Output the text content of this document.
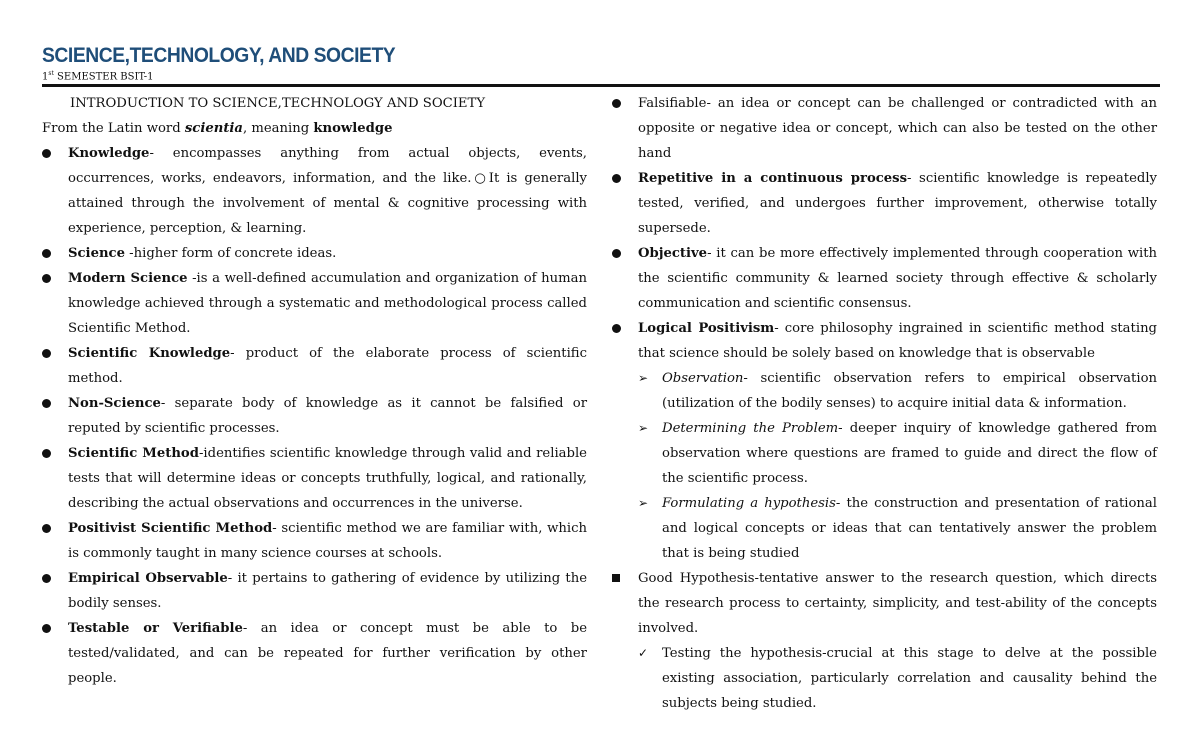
SCIENCE,TECHNOLOGY, AND SOCIETY
1st SEMESTER BSIT-1
INTRODUCTION TO SCIENCE,TECHNOLOGY AND SOCIETY
From the Latin word scientia, meaning knowledge
Knowledge- encompasses anything from actual objects, events, occurrences, works, endeavors, information, and the like.○It is generally attained through the involvement of mental & cognitive processing with experience, perception, & learning.
Science -higher form of concrete ideas.
Modern Science -is a well-defined accumulation and organization of human knowledge achieved through a systematic and methodological process called Scientific Method.
Scientific Knowledge- product of the elaborate process of scientific method.
Non-Science- separate body of knowledge as it cannot be falsified or reputed by scientific processes.
Scientific Method-identifies scientific knowledge through valid and reliable tests that will determine ideas or concepts truthfully, logical, and rationally, describing the actual observations and occurrences in the universe.
Positivist Scientific Method- scientific method we are familiar with, which is commonly taught in many science courses at schools.
Empirical Observable- it pertains to gathering of evidence by utilizing the bodily senses.
Testable or Verifiable- an idea or concept must be able to be tested/validated, and can be repeated for further verification by other people.
Falsifiable- an idea or concept can be challenged or contradicted with an opposite or negative idea or concept, which can also be tested on the other hand
Repetitive in a continuous process- scientific knowledge is repeatedly tested, verified, and undergoes further improvement, otherwise totally supersede.
Objective- it can be more effectively implemented through cooperation with the scientific community & learned society through effective & scholarly communication and scientific consensus.
Logical Positivism- core philosophy ingrained in scientific method stating that science should be solely based on knowledge that is observable
➢ Observation- scientific observation refers to empirical observation (utilization of the bodily senses) to acquire initial data & information.
➢ Determining the Problem- deeper inquiry of knowledge gathered from observation where questions are framed to guide and direct the flow of the scientific process.
➢ Formulating a hypothesis- the construction and presentation of rational and logical concepts or ideas that can tentatively answer the problem that is being studied
Good Hypothesis-tentative answer to the research question, which directs the research process to certainty, simplicity, and test-ability of the concepts involved.
✓ Testing the hypothesis-crucial at this stage to delve at the possible existing association, particularly correlation and causality behind the subjects being studied.
